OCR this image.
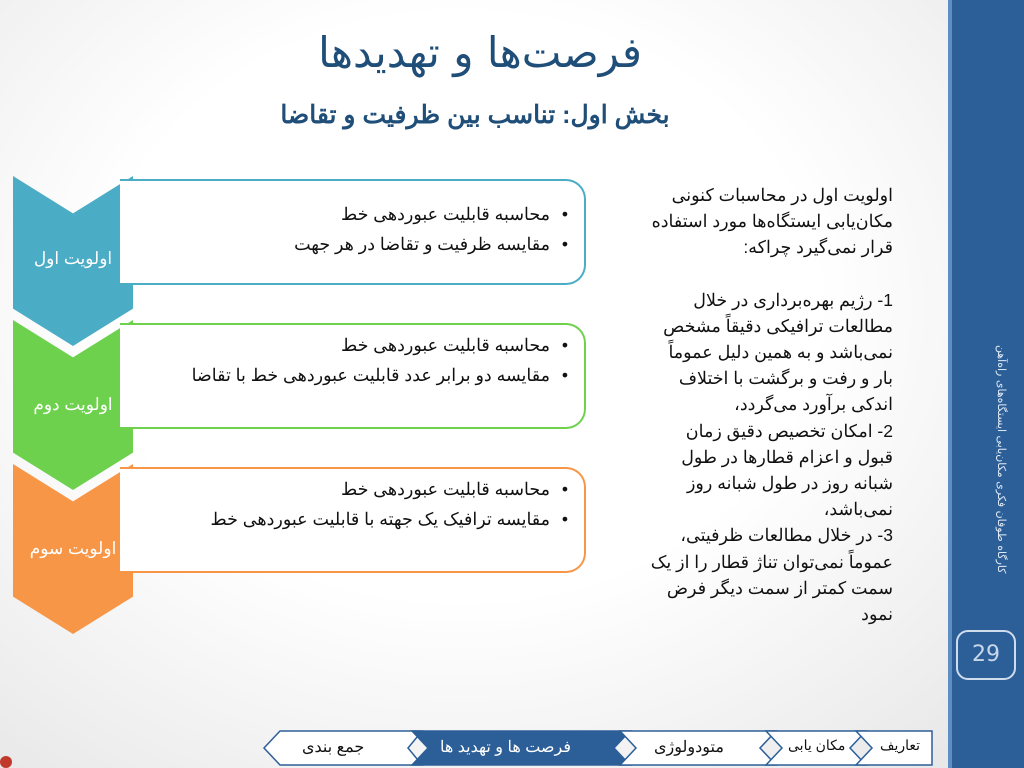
فرصت‌ها و تهدیدها
بخش اول: تناسب بین ظرفیت و تقاضا
اولویت اول
• محاسبه قابلیت عبوردهی خط
• مقایسه ظرفیت و تقاضا در هر جهت
اولویت دوم
• محاسبه قابلیت عبوردهی خط
• مقایسه دو برابر عدد قابلیت عبوردهی خط با تقاضا
اولویت سوم
• محاسبه قابلیت عبوردهی خط
• مقایسه ترافیک یک جهته با قابلیت عبوردهی خط

اولویت اول در محاسبات کنونی مکان‌یابی ایستگاه‌ها مورد استفاده قرار نمی‌گیرد چراکه:

1- رژیم بهره‌برداری در خلال مطالعات ترافیکی دقیقاً مشخص نمی‌باشد و به همین دلیل عموماً بار و رفت و برگشت با اختلاف اندکی برآورد می‌گردد،

2- امکان تخصیص دقیق زمان قبول و اعزام قطارها در طول شبانه روز در طول شبانه روز نمی‌باشد،

3- در خلال مطالعات ظرفیتی، عموماً نمی‌توان تناژ قطار را از یک سمت کمتر از سمت دیگر فرض نمود

کارگاه طوفان فکری مکان‌یابی ایستگاه‌های راه‌آهن
29
جمع بندی	فرصت ها و تهدید ها	متودولوژی	مکان یابی تعاریف
